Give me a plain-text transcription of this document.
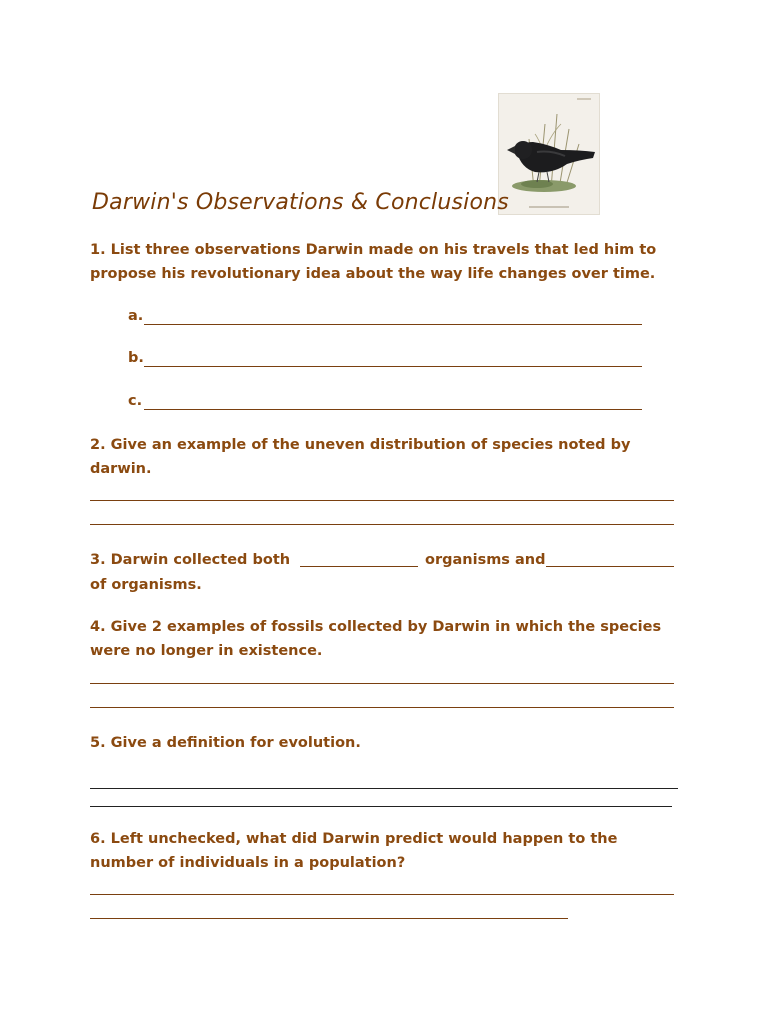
Darwin's Observations & Conclusions
1. List three observations Darwin made on his travels that led him to
propose his revolutionary idea about the way life changes over time.
a.
b.
c.
2. Give an example of the uneven distribution of species noted by
darwin.
3. Darwin collected both	organisms and
of organisms.
4. Give 2 examples of fossils collected by Darwin in which the species
were no longer in existence.
5. Give a definition for evolution.
6. Left unchecked, what did Darwin predict would happen to the
number of individuals in a population?
